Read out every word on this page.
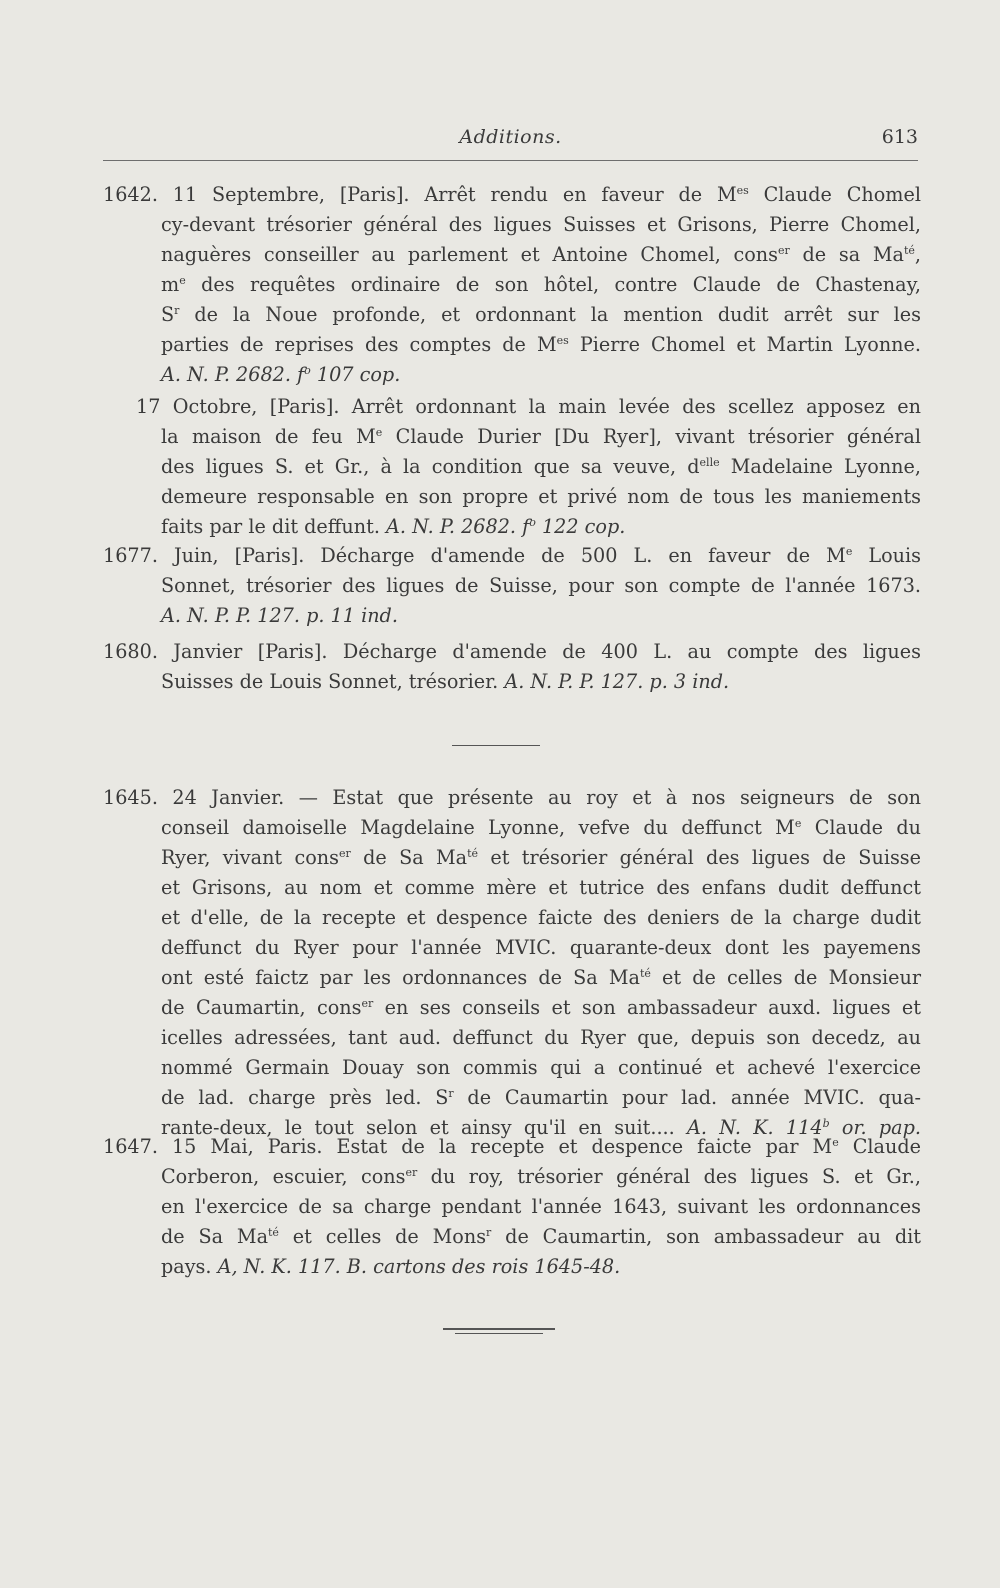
Additions.	613
1642. 11 Septembre, [Paris]. Arrêt rendu en faveur de $M^{es}$ Claude Chomel
cy-devant trésorier général des ligues Suisses et Grisons, Pierre Chomel,
naguères conseiller au parlement et Antoine Chomel, cons$^{er}$ de sa $Ma^{té}$,
$m^e$ des requêtes ordinaire de son hôtel, contre Claude de Chastenay,
$S^r$ de la Noue profonde, et ordonnant la mention dudit arrêt sur les
parties de reprises des comptes de $M^{es}$ Pierre Chomel et Martin Lyonne.
A. N. P. 2682. $f^o$ 107 cop.
17 Octobre, [Paris]. Arrêt ordonnant la main levée des scellez apposez en
la maison de feu Me Claude Durier [Du Ryer], vivant trésorier général
des ligues S. et Gr., à la condition que sa veuve, $d^{elle}$ Madelaine Lyonne,
demeure responsable en son propre et privé nom de tous les maniements
faits par le dit deffunt. A. N. P. 2682. $f^o$ 122 cop.
1677. Juin, [Paris]. Décharge d'amende de 500 L. en faveur de Me Louis
Sonnet, trésorier des ligues de Suisse, pour son compte de l'année 1673.
A. N. P. P. 127. p. 11 ind.
1680. Janvier [Paris]. Décharge d'amende de 400 L. au compte des ligues
Suisses de Louis Sonnet, trésorier. A. N. P. P. 127. p. 3 ind.
1645. 24 Janvier. — Estat que présente au roy et à nos seigneurs de son
conseil damoiselle Magdelaine Lyonne, vefve du deffunct Me Claude du
Ryer, vivant cons$^{er}$ de Sa $Ma^{té}$ et trésorier général des ligues de Suisse
et Grisons, au nom et comme mère et tutrice des enfans dudit deffunct
et d'elle, de la recepte et despence faicte des deniers de la charge dudit
deffunct du Ryer pour l'année MVIC. quarante-deux dont les payemens
ont esté faictz par les ordonnances de Sa $Ma^{té}$ et de celles de Monsieur
de Caumartin, cons$^{er}$ en ses conseils et son ambassadeur auxd. ligues et
icelles adressées, tant aud. deffunct du Ryer que, depuis son decedz, au
nommé Germain Douay son commis qui a continué et achevé l'exercice
de lad. charge près led. $S^r$ de Caumartin pour lad. année MVIC. qua-
rante-deux, le tout selon et ainsy qu'il en suit.... A. N. K. 114$^b$ or. pap.
1647. 15 Mai, Paris. Estat de la recepte et despence faicte par Me Claude
Corberon, escuier, cons$^{er}$ du roy, trésorier général des ligues S. et Gr.,
en l'exercice de sa charge pendant l'année 1643, suivant les ordonnances
de Sa $Ma^{té}$ et celles de Mons$^r$ de Caumartin, son ambassadeur au dit
pays. A, N. K. 117. B. cartons des rois 1645-48.
